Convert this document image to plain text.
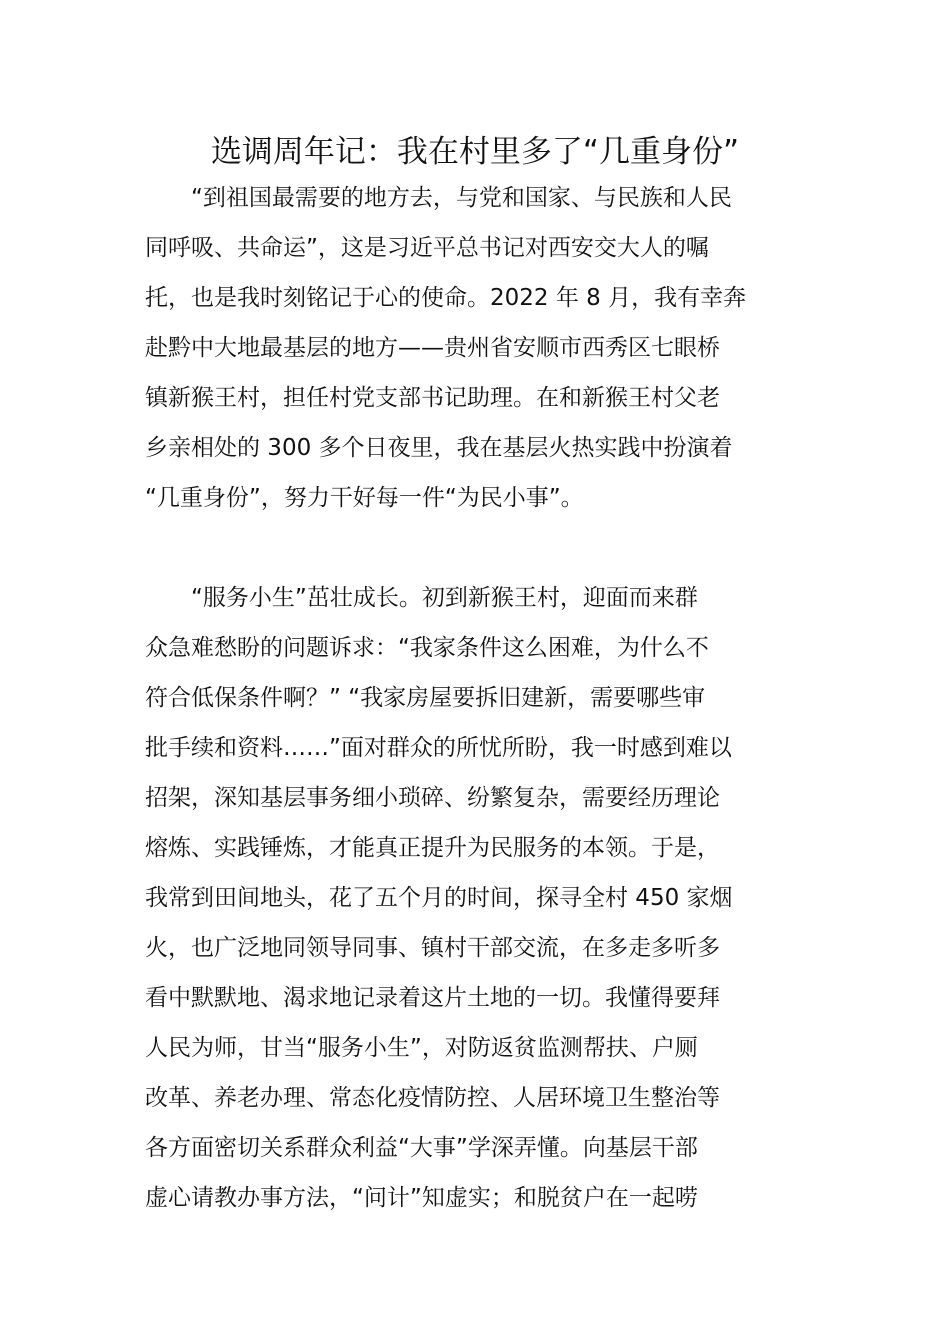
选调周年记：我在村里多了“几重身份”
　　“到祖国最需要的地方去，与党和国家、与民族和人民
同呼吸、共命运”，这是习近平总书记对西安交大人的嘱
托，也是我时刻铭记于心的使命。2022 年 8 月，我有幸奔
赴黔中大地最基层的地方——贵州省安顺市西秀区七眼桥
镇新猴王村，担任村党支部书记助理。在和新猴王村父老
乡亲相处的 300 多个日夜里，我在基层火热实践中扮演着
“几重身份”，努力干好每一件“为民小事”。
　　“服务小生”茁壮成长。初到新猴王村，迎面而来群
众急难愁盼的问题诉求：“我家条件这么困难，为什么不
符合低保条件啊？” “我家房屋要拆旧建新，需要哪些审
批手续和资料……”面对群众的所忧所盼，我一时感到难以
招架，深知基层事务细小琐碎、纷繁复杂，需要经历理论
熔炼、实践锤炼，才能真正提升为民服务的本领。于是，
我常到田间地头，花了五个月的时间，探寻全村 450 家烟
火，也广泛地同领导同事、镇村干部交流，在多走多听多
看中默默地、渴求地记录着这片土地的一切。我懂得要拜
人民为师，甘当“服务小生”，对防返贫监测帮扶、户厕
改革、养老办理、常态化疫情防控、人居环境卫生整治等
各方面密切关系群众利益“大事”学深弄懂。向基层干部
虚心请教办事方法，“问计”知虚实；和脱贫户在一起唠
